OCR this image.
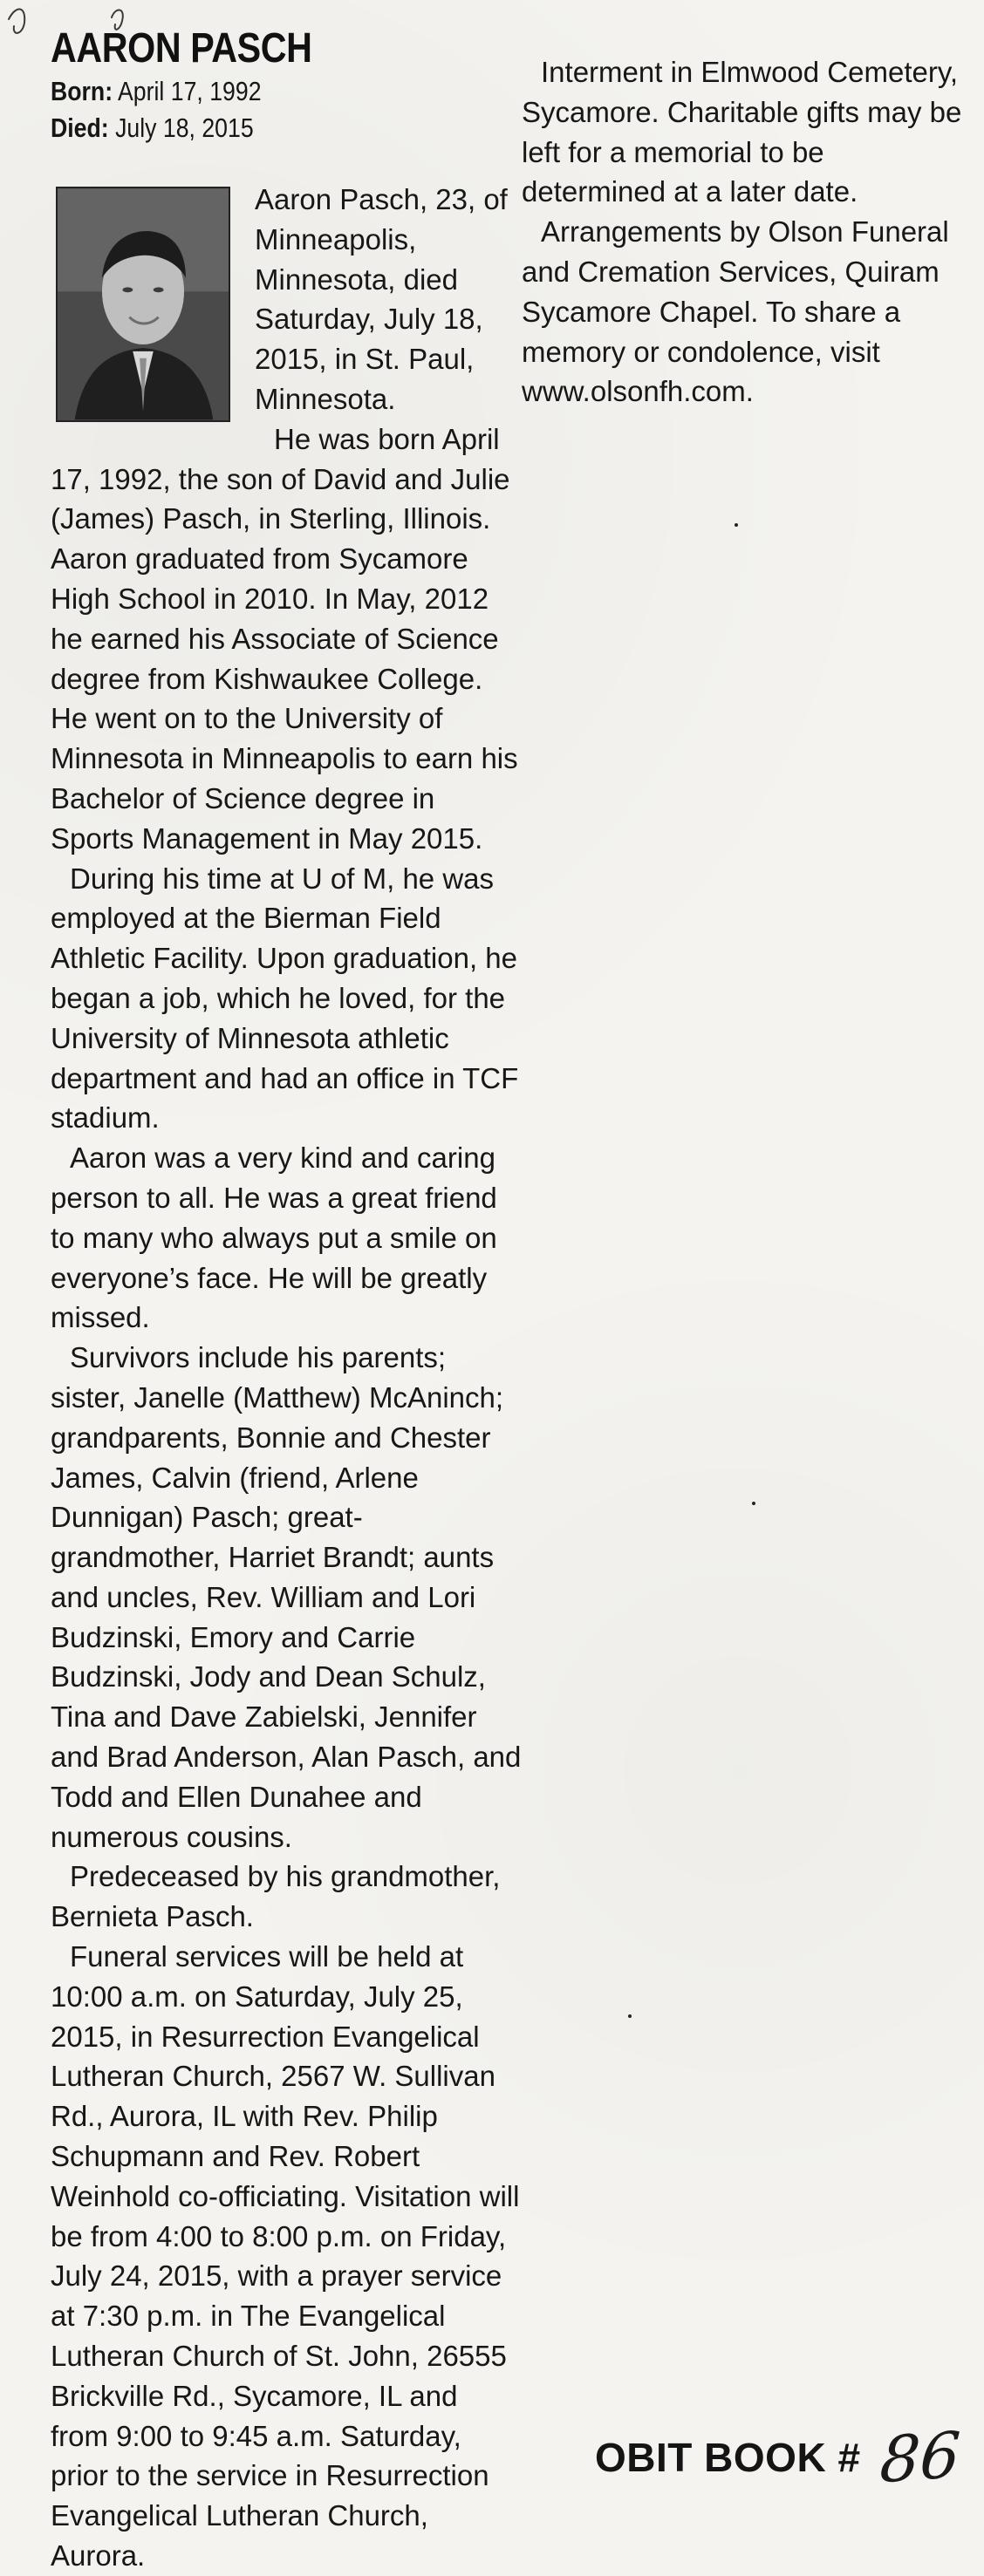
AARON PASCH
Born: April 17, 1992
Died: July 18, 2015

Aaron Pasch, 23, of Minneapolis, Minnesota, died Saturday, July 18, 2015, in St. Paul, Minnesota.

He was born April 17, 1992, the son of David and Julie (James) Pasch, in Sterling, Illinois. Aaron graduated from Sycamore High School in 2010. In May, 2012 he earned his Associate of Science degree from Kishwaukee College. He went on to the University of Minnesota in Minneapolis to earn his Bachelor of Science degree in Sports Management in May 2015.

During his time at U of M, he was employed at the Bierman Field Athletic Facility. Upon graduation, he began a job, which he loved, for the University of Minnesota athletic department and had an office in TCF stadium.

Aaron was a very kind and caring person to all. He was a great friend to many who always put a smile on everyone’s face. He will be greatly missed.

Survivors include his parents; sister, Janelle (Matthew) McAninch; grandparents, Bonnie and Chester James, Calvin (friend, Arlene Dunnigan) Pasch; great-grandmother, Harriet Brandt; aunts and uncles, Rev. William and Lori Budzinski, Emory and Carrie Budzinski, Jody and Dean Schulz, Tina and Dave Zabielski, Jennifer and Brad Anderson, Alan Pasch, and Todd and Ellen Dunahee and numerous cousins.

Predeceased by his grandmother, Bernieta Pasch.

Funeral services will be held at 10:00 a.m. on Saturday, July 25, 2015, in Resurrection Evangelical Lutheran Church, 2567 W. Sullivan Rd., Aurora, IL with Rev. Philip Schupmann and Rev. Robert Weinhold co-officiating. Visitation will be from 4:00 to 8:00 p.m. on Friday, July 24, 2015, with a prayer service at 7:30 p.m. in The Evangelical Lutheran Church of St. John, 26555 Brickville Rd., Sycamore, IL and from 9:00 to 9:45 a.m. Saturday, prior to the service in Resurrection Evangelical Lutheran Church, Aurora.

Interment in Elmwood Cemetery, Sycamore. Charitable gifts may be left for a memorial to be determined at a later date.

Arrangements by Olson Funeral and Cremation Services, Quiram Sycamore Chapel. To share a memory or condolence, visit www.olsonfh.com.

OBIT BOOK # 86
